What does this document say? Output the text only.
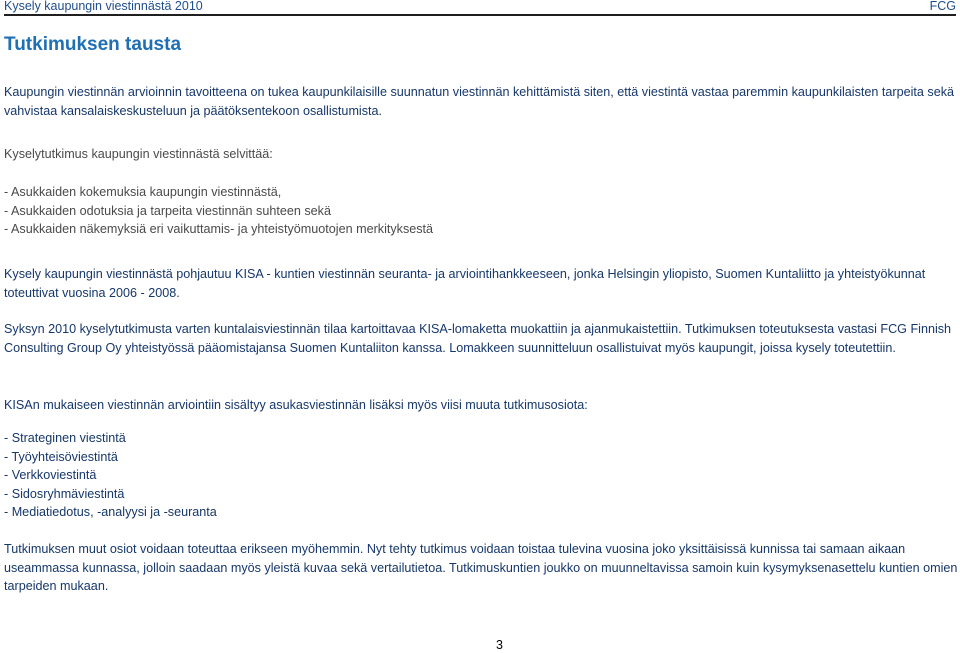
Kysely kaupungin viestinnästä 2010	FCG
Tutkimuksen tausta

Kaupungin viestinnän arvioinnin tavoitteena on tukea kaupunkilaisille suunnatun viestinnän kehittämistä siten, että viestintä vastaa paremmin kaupunkilaisten tarpeita sekä vahvistaa kansalaiskeskusteluun ja päätöksentekoon osallistumista.

Kyselytutkimus kaupungin viestinnästä selvittää:

- Asukkaiden kokemuksia kaupungin viestinnästä,
- Asukkaiden odotuksia ja tarpeita viestinnän suhteen sekä
- Asukkaiden näkemyksiä eri vaikuttamis- ja yhteistyömuotojen merkityksestä

Kysely kaupungin viestinnästä pohjautuu KISA - kuntien viestinnän seuranta- ja arviointihankkeeseen, jonka Helsingin yliopisto, Suomen Kuntaliitto ja yhteistyökunnat toteuttivat vuosina 2006 - 2008.

Syksyn 2010 kyselytutkimusta varten kuntalaisviestinnän tilaa kartoittavaa KISA-lomaketta muokattiin ja ajanmukaistettiin. Tutkimuksen toteutuksesta vastasi FCG Finnish Consulting Group Oy yhteistyössä pääomistajansa Suomen Kuntaliiton kanssa. Lomakkeen suunnitteluun osallistuivat myös kaupungit, joissa kysely toteutettiin.

KISAn mukaiseen viestinnän arviointiin sisältyy asukasviestinnän lisäksi myös viisi muuta tutkimusosiota:

- Strateginen viestintä
- Työyhteisöviestintä
- Verkkoviestintä
- Sidosryhmäviestintä
- Mediatiedotus, -analyysi ja -seuranta

Tutkimuksen muut osiot voidaan toteuttaa erikseen myöhemmin. Nyt tehty tutkimus voidaan toistaa tulevina vuosina joko yksittäisissä kunnissa tai samaan aikaan useammassa kunnassa, jolloin saadaan myös yleistä kuvaa sekä vertailutietoa. Tutkimuskuntien joukko on muunneltavissa samoin kuin kysymyksenasettelu kuntien omien tarpeiden mukaan.

3
